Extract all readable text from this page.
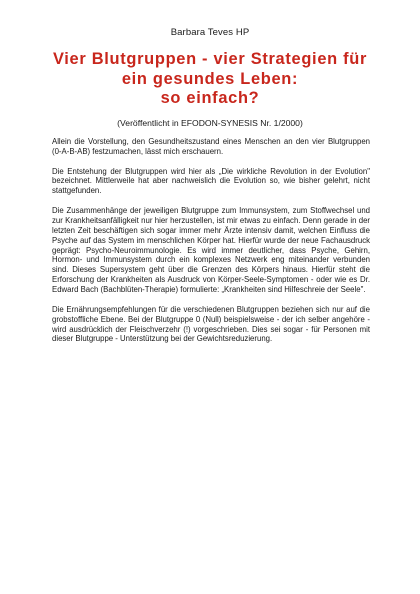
Barbara Teves HP
Vier Blutgruppen - vier Strategien für
ein gesundes Leben:
so einfach?
(Veröffentlicht in EFODON-SYNESIS Nr. 1/2000)

Allein die Vorstellung, den Gesundheitszustand eines Menschen an den vier Blutgruppen (0-A-B-AB) festzumachen, lässt mich erschauern.

Die Entstehung der Blutgruppen wird hier als „Die wirkliche Revolution in der Evolution" bezeichnet. Mittlerweile hat aber nachweislich die Evolution so, wie bisher gelehrt, nicht stattgefunden.

Die Zusammenhänge der jeweiligen Blutgruppe zum Immunsystem, zum Stoffwechsel und zur Krankheitsanfälligkeit nur hier herzustellen, ist mir etwas zu einfach. Denn gerade in der letzten Zeit beschäftigen sich sogar immer mehr Ärzte intensiv damit, welchen Einfluss die Psyche auf das System im menschlichen Körper hat. Hierfür wurde der neue Fachausdruck geprägt: Psycho-Neuroimmunologie. Es wird immer deutlicher, dass Psyche, Gehirn, Hormon- und Immunsystem durch ein komplexes Netzwerk eng miteinander verbunden sind. Dieses Supersystem geht über die Grenzen des Körpers hinaus. Hierfür steht die Erforschung der Krankheiten als Ausdruck von Körper-Seele-Symptomen - oder wie es Dr. Edward Bach (Bachblüten-Therapie) formulierte: „Krankheiten sind Hilfeschreie der Seele".

Die Ernährungsempfehlungen für die verschiedenen Blutgruppen beziehen sich nur auf die grobstoffliche Ebene. Bei der Blutgruppe 0 (Null) beispielsweise - der ich selber angehöre - wird ausdrücklich der Fleischverzehr (!) vorgeschrieben. Dies sei sogar - für Personen mit dieser Blutgruppe - Unterstützung bei der Gewichtsreduzierung.
